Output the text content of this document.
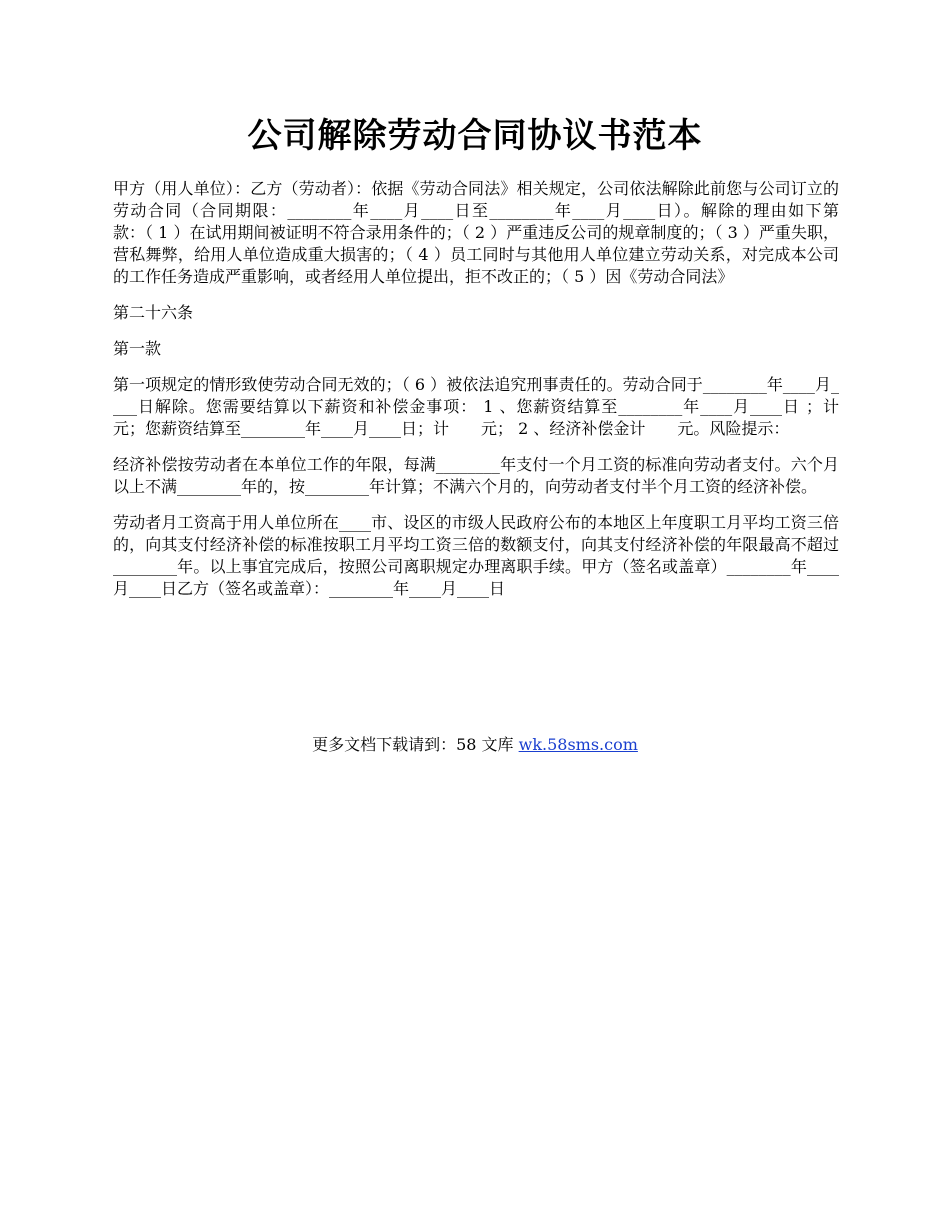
公司解除劳动合同协议书范本

甲方（用人单位）：乙方（劳动者）：依据《劳动合同法》相关规定，公司依法解除此前您与公司订立的劳动合同（合同期限：________年____月____日至________年____月____日）。解除的理由如下第　　款：（ 1 ）在试用期间被证明不符合录用条件的；（ 2 ）严重违反公司的规章制度的；（ 3 ）严重失职，营私舞弊，给用人单位造成重大损害的；（ 4 ）员工同时与其他用人单位建立劳动关系，对完成本公司的工作任务造成严重影响，或者经用人单位提出，拒不改正的；（ 5 ）因《劳动合同法》

第二十六条

第一款

第一项规定的情形致使劳动合同无效的；（ 6 ）被依法追究刑事责任的。劳动合同于________年____月____日解除。您需要结算以下薪资和补偿金事项： 1 、您薪资结算至________年____月____日 ；计　　元；您薪资结算至________年____月____日；计　　元； 2 、经济补偿金计　　元。风险提示：

经济补偿按劳动者在本单位工作的年限，每满________年支付一个月工资的标准向劳动者支付。六个月以上不满________年的，按________年计算；不满六个月的，向劳动者支付半个月工资的经济补偿。

劳动者月工资高于用人单位所在____市、设区的市级人民政府公布的本地区上年度职工月平均工资三倍的，向其支付经济补偿的标准按职工月平均工资三倍的数额支付，向其支付经济补偿的年限最高不超过________年。以上事宜完成后，按照公司离职规定办理离职手续。甲方（签名或盖章）________年____月____日乙方（签名或盖章）：________年____月____日

更多文档下载请到：58 文库 wk.58sms.com
